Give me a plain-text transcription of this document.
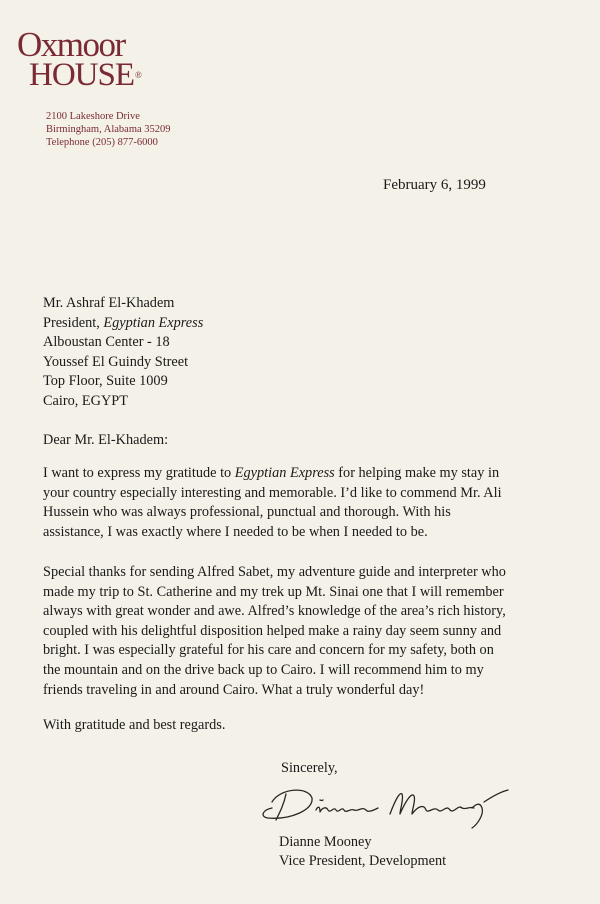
Oxmoor
HOUSE®
2100 Lakeshore Drive
Birmingham, Alabama 35209
Telephone (205) 877-6000
February 6, 1999
Mr. Ashraf El-Khadem
President, Egyptian Express
Alboustan Center - 18
Youssef El Guindy Street
Top Floor, Suite 1009
Cairo, EGYPT
Dear Mr. El-Khadem:

I want to express my gratitude to Egyptian Express for helping make my stay in
your country especially interesting and memorable. I’d like to commend Mr. Ali
Hussein who was always professional, punctual and thorough. With his
assistance, I was exactly where I needed to be when I needed to be.

Special thanks for sending Alfred Sabet, my adventure guide and interpreter who
made my trip to St. Catherine and my trek up Mt. Sinai one that I will remember
always with great wonder and awe. Alfred’s knowledge of the area’s rich history,
coupled with his delightful disposition helped make a rainy day seem sunny and
bright. I was especially grateful for his care and concern for my safety, both on
the mountain and on the drive back up to Cairo. I will recommend him to my
friends traveling in and around Cairo. What a truly wonderful day!

With gratitude and best regards.
Sincerely,
Dianne Mooney
Vice President, Development
